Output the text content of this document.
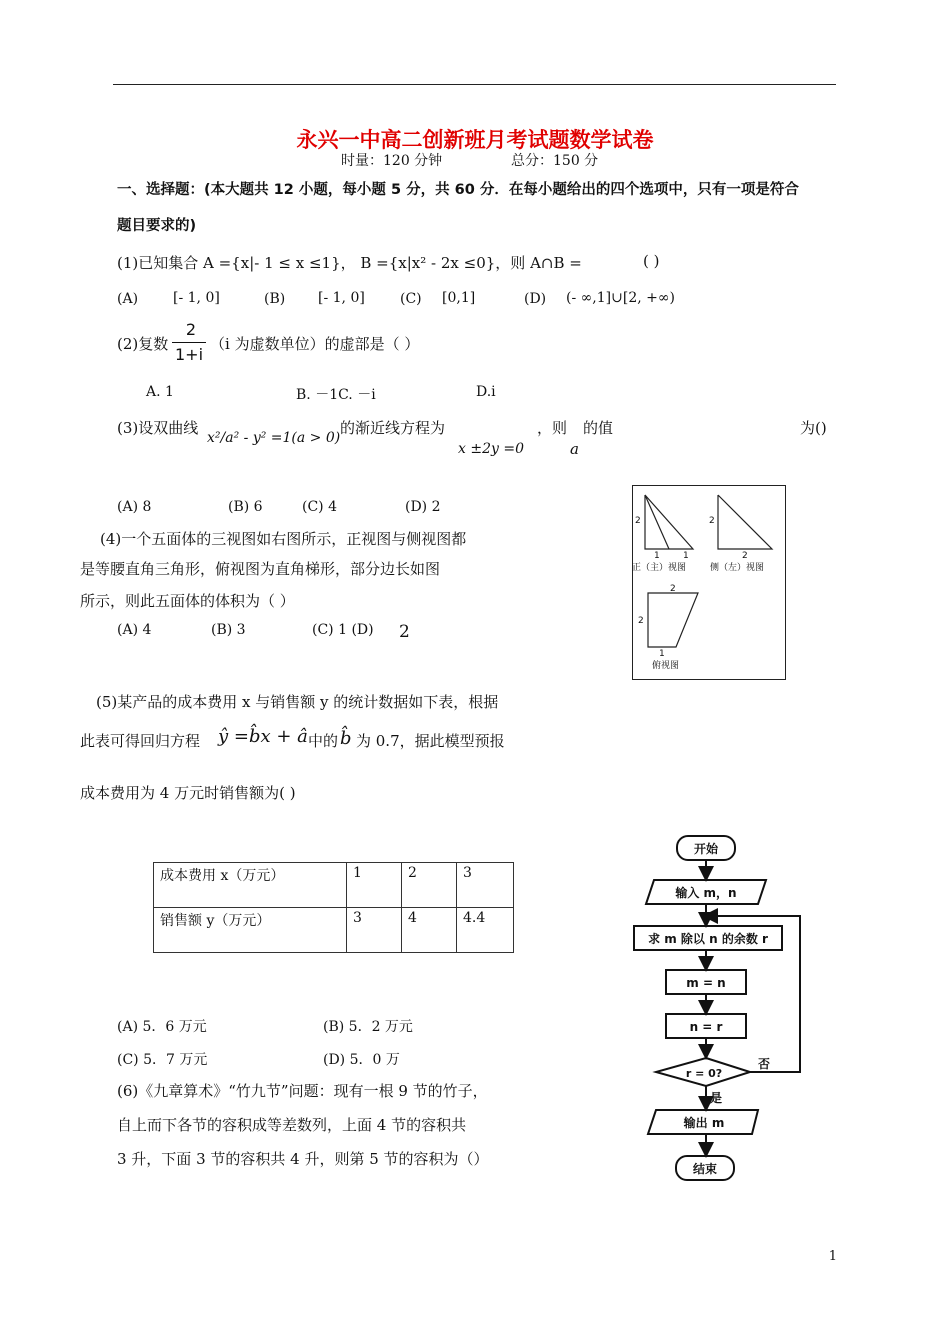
永兴一中高二创新班月考试题数学试卷
时量：120 分钟	总分：150 分
一、选择题：(本大题共 12 小题，每小题 5 分，共 60 分．在每小题给出的四个选项中，只有一项是符合
题目要求的)
(1)已知集合 A ={x|- 1 ≤ x ≤1}， B ={x|x² - 2x ≤0}，则 A∩B =	( )
(A) [- 1, 0]	(B) [- 1, 0]	(C) [0,1]	(D) (- ∞,1]∪[2, +∞)
(2)复数
2
1+i
（i 为虚数单位）的虚部是（ ）
A. 1	B. －1C. －i	D.i
(3)设双曲线
x²/a² - y² =1(a > 0)
的渐近线方程为
x ±2y =0
，则
a
的值	为()
(A) 8	(B) 6	(C) 4	(D) 2
(4)一个五面体的三视图如右图所示，正视图与侧视图都
是等腰直角三角形，俯视图为直角梯形，部分边长如图
所示，则此五面体的体积为（ ）
(A) 4	(B) 3	(C) 1 (D) 2
2
1	1
正（主）视图
2
2
侧（左）视图
2
2
1
俯视图
(5)某产品的成本费用 x 与销售额 y 的统计数据如下表，根据
此表可得回归方程 ŷ =b̂x + â 中的 b̂ 为 0.7，据此模型预报
成本费用为 4 万元时销售额为( )
成本费用 x（万元）	1	2	3
销售额 y（万元）	3	4	4.4
(A) 5．6 万元	(B) 5．2 万元
(C) 5．7 万元	(D) 5．0 万
(6)《九章算术》“竹九节”问题：现有一根 9 节的竹子，
自上而下各节的容积成等差数列，上面 4 节的容积共
3 升，下面 3 节的容积共 4 升，则第 5 节的容积为（）
开始
输入 m，n
求 m 除以 n 的余数 r
m = n
n = r
r = 0?
否
是
输出 m
结束
1
